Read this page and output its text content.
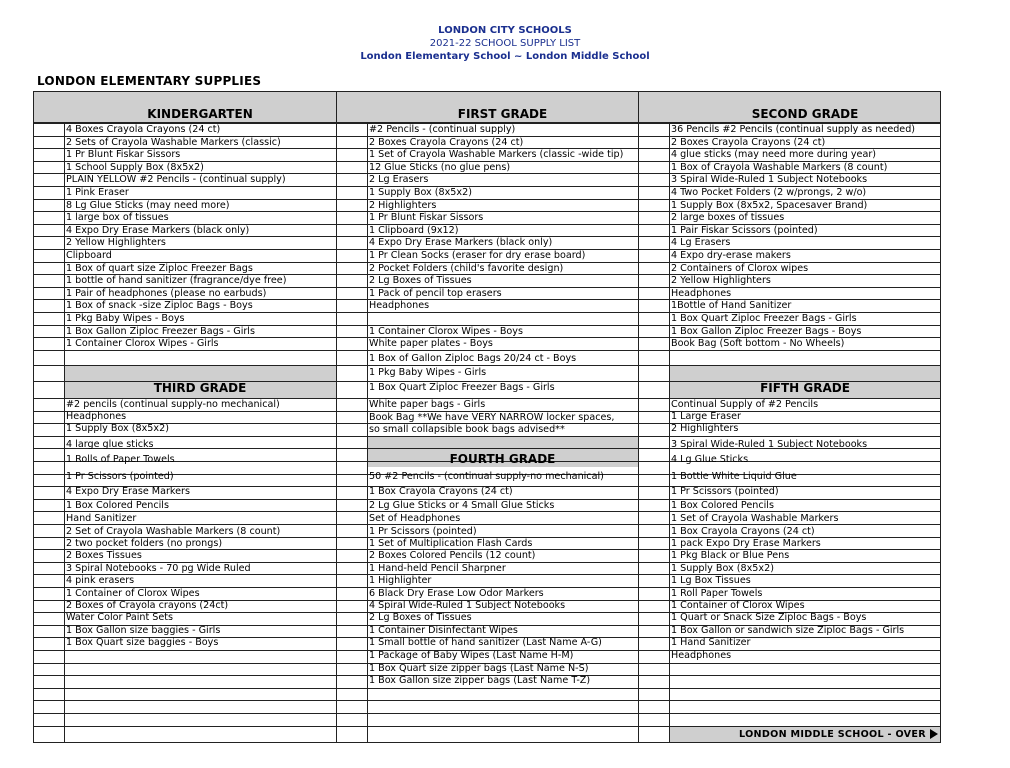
LONDON CITY SCHOOLS
2021-22 SCHOOL SUPPLY LIST
London Elementary School ~ London Middle School
LONDON ELEMENTARY SUPPLIES
KINDERGARTEN	FIRST GRADE	SECOND GRADE
THIRD GRADE
FOURTH GRADE
FIFTH GRADE
4 Boxes Crayola Crayons (24 ct)
2 Sets of Crayola Washable Markers (classic)
1 Pr Blunt Fiskar Sissors
1 School Supply Box (8x5x2)
PLAIN YELLOW #2 Pencils - (continual supply)
1 Pink Eraser
8 Lg Glue Sticks (may need more)
1 large box of tissues
4 Expo Dry Erase Markers (black only)
2 Yellow Highlighters
Clipboard
1 Box of quart size Ziploc Freezer Bags
1 bottle of hand sanitizer (fragrance/dye free)
1 Pair of headphones (please no earbuds)
1 Box of snack -size Ziploc Bags - Boys
1 Pkg Baby Wipes - Boys
1 Box Gallon Ziploc Freezer Bags - Girls
1 Container Clorox Wipes - Girls
36 Pencils #2 Pencils (continual supply as needed)
2 Boxes Crayola Crayons (24 ct)
4 glue sticks (may need more during year)
1 Box of Crayola Washable Markers (8 count)
3 Spiral Wide-Ruled 1 Subject Notebooks
4 Two Pocket Folders (2 w/prongs, 2 w/o)
1 Supply Box (8x5x2, Spacesaver Brand)
2 large boxes of tissues
1 Pair Fiskar Scissors (pointed)
4 Lg Erasers
4 Expo dry-erase makers
2 Containers of Clorox wipes
2 Yellow Highlighters
Headphones
1Bottle of Hand Sanitizer
1 Box Quart Ziploc Freezer Bags - Girls
1 Box Gallon Ziploc Freezer Bags - Boys
Book Bag (Soft bottom - No Wheels)
#2 Pencils - (continual supply)
2 Boxes Crayola Crayons (24 ct)
1 Set of Crayola Washable Markers (classic -wide tip)
12 Glue Sticks (no glue pens)
2 Lg Erasers
1 Supply Box (8x5x2)
2 Highlighters
1 Pr Blunt Fiskar Sissors
1 Clipboard (9x12)
4 Expo Dry Erase Markers (black only)
1 Pr Clean Socks (eraser for dry erase board)
2 Pocket Folders (child's favorite design)
2 Lg Boxes of Tissues
1 Pack of pencil top erasers
Headphones
1 Container Clorox Wipes - Boys
White paper plates - Boys
1 Box of Gallon Ziploc Bags 20/24 ct - Boys
1 Pkg Baby Wipes - Girls
1 Box Quart Ziploc Freezer Bags - Girls
White paper bags - Girls
Book Bag **We have VERY NARROW locker spaces,
so small collapsible book bags advised**
#2 pencils (continual supply-no mechanical)
Headphones
1 Supply Box (8x5x2)
4 large glue sticks
1 Rolls of Paper Towels
1 Pr Scissors (pointed)
4 Expo Dry Erase Markers
1 Box Colored Pencils
Hand Sanitizer
2 Set of Crayola Washable Markers (8 count)
2 two pocket folders (no prongs)
2 Boxes Tissues
3 Spiral Notebooks - 70 pg Wide Ruled
4 pink erasers
1 Container of Clorox Wipes
2 Boxes of Crayola crayons (24ct)
Water Color Paint Sets
1 Box Gallon size baggies - Girls
1 Box Quart size baggies - Boys
50 #2 Pencils - (continual supply-no mechanical)
1 Box Crayola Crayons (24 ct)
2 Lg Glue Sticks or 4 Small Glue Sticks
Set of Headphones
1 Pr Scissors (pointed)
1 Set of Multiplication Flash Cards
2 Boxes Colored Pencils (12 count)
1 Hand-held Pencil Sharpner
1 Highlighter
6 Black Dry Erase Low Odor Markers
4 Spiral Wide-Ruled 1 Subject Notebooks
2 Lg Boxes of Tissues
1 Container Disinfectant Wipes
1 Small bottle of hand sanitizer (Last Name A-G)
1 Package of Baby Wipes (Last Name H-M)
1 Box Quart size zipper bags (Last Name N-S)
1 Box Gallon size zipper bags (Last Name T-Z)
Continual Supply of #2 Pencils
1 Large Eraser
2 Highlighters
3 Spiral Wide-Ruled 1 Subject Notebooks
4 Lg Glue Sticks
1 Bottle White Liquid Glue
1 Pr Scissors (pointed)
1 Box Colored Pencils
1 Set of Crayola Washable Markers
1 Box Crayola Crayons (24 ct)
1 pack Expo Dry Erase Markers
1 Pkg Black or Blue Pens
1 Supply Box (8x5x2)
1 Lg Box Tissues
1 Roll Paper Towels
1 Container of Clorox Wipes
1 Quart or Snack Size Ziploc Bags - Boys
1 Box Gallon or sandwich size Ziploc Bags - Girls
1 Hand Sanitizer
Headphones
LONDON MIDDLE SCHOOL - OVER
